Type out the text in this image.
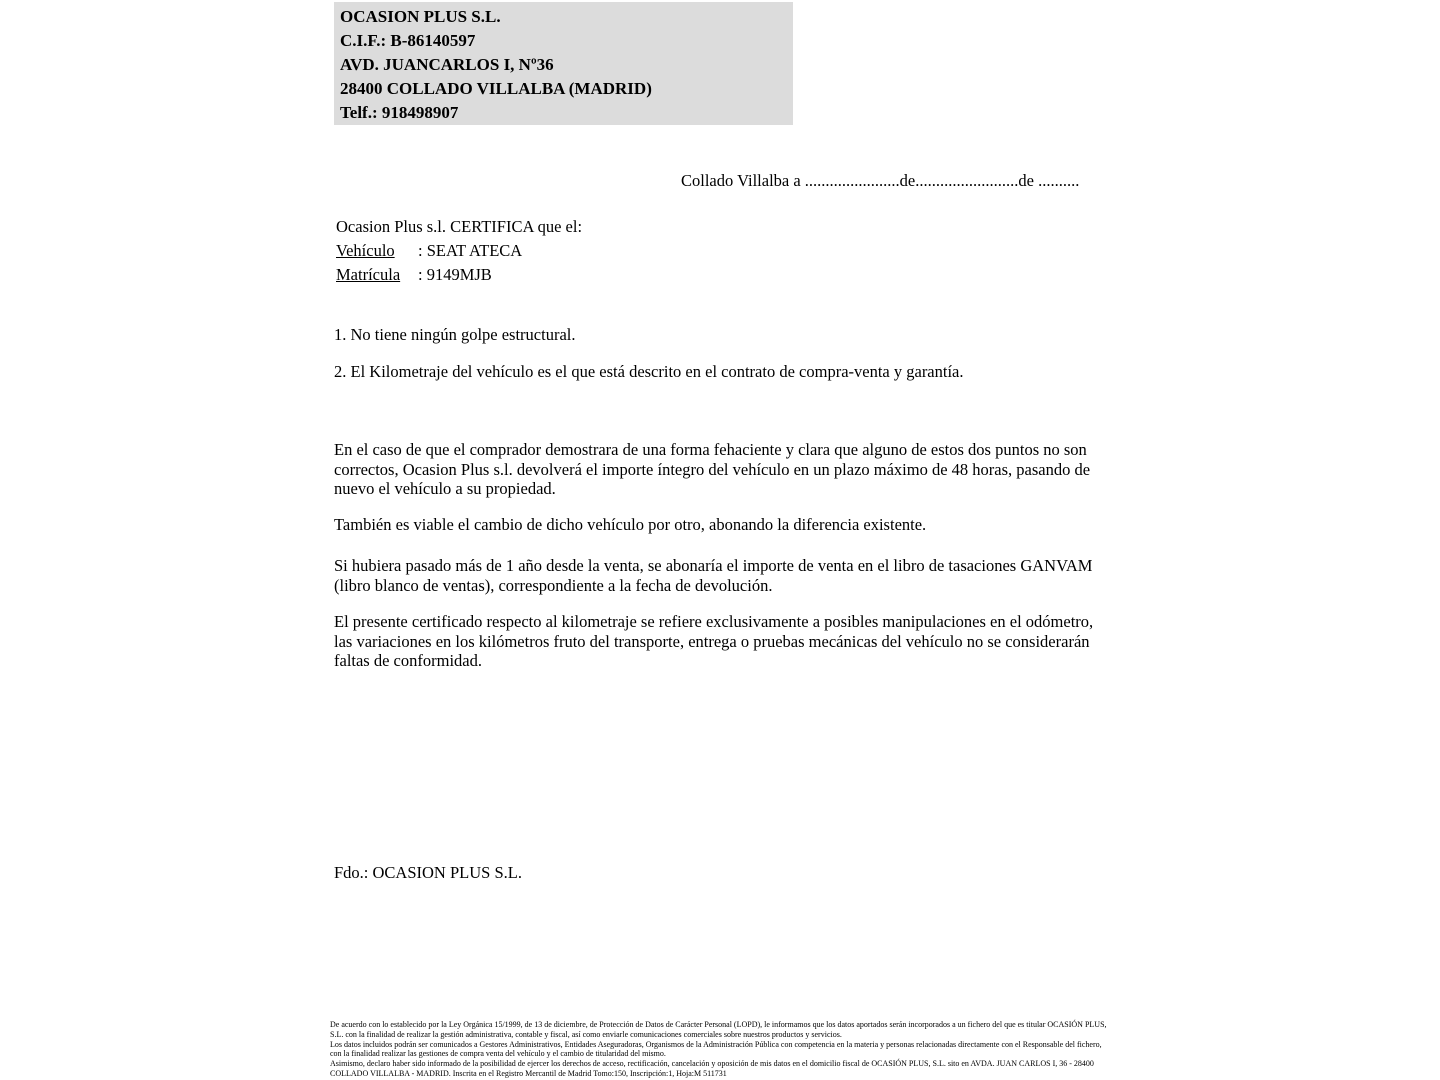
OCASION PLUS S.L.
C.I.F.: B-86140597
AVD. JUANCARLOS I, Nº36
28400 COLLADO VILLALBA (MADRID)
Telf.: 918498907
Collado Villalba a .......................de.........................de ..........
Ocasion Plus s.l. CERTIFICA que el:
Vehículo : SEAT ATECA
Matrícula : 9149MJB
1. No tiene ningún golpe estructural.
2. El Kilometraje del vehículo es el que está descrito en el contrato de compra-venta y garantía.
En el caso de que el comprador demostrara de una forma fehaciente y clara que alguno de estos dos puntos no son correctos, Ocasion Plus s.l. devolverá el importe íntegro del vehículo en un plazo máximo de 48 horas, pasando de nuevo el vehículo a su propiedad.
También es viable el cambio de dicho vehículo por otro, abonando la diferencia existente.
Si hubiera pasado más de 1 año desde la venta, se abonaría el importe de venta en el libro de tasaciones GANVAM (libro blanco de ventas), correspondiente a la fecha de devolución.
El presente certificado respecto al kilometraje se refiere exclusivamente a posibles manipulaciones en el odómetro, las variaciones en los kilómetros fruto del transporte, entrega o pruebas mecánicas del vehículo no se considerarán faltas de conformidad.
Fdo.: OCASION PLUS S.L.
De acuerdo con lo establecido por la Ley Orgánica 15/1999, de 13 de diciembre, de Protección de Datos de Carácter Personal (LOPD), le informamos que los datos aportados serán incorporados a un fichero del que es titular OCASIÓN PLUS, S.L. con la finalidad de realizar la gestión administrativa, contable y fiscal, así como enviarle comunicaciones comerciales sobre nuestros productos y servicios.
Los datos incluidos podrán ser comunicados a Gestores Administrativos, Entidades Aseguradoras, Organismos de la Administración Pública con competencia en la materia y personas relacionadas directamente con el Responsable del fichero, con la finalidad realizar las gestiones de compra venta del vehículo y el cambio de titularidad del mismo.
Asimismo, declaro haber sido informado de la posibilidad de ejercer los derechos de acceso, rectificación, cancelación y oposición de mis datos en el domicilio fiscal de OCASIÓN PLUS, S.L. sito en AVDA. JUAN CARLOS I, 36 - 28400 COLLADO VILLALBA - MADRID. Inscrita en el Registro Mercantil de Madrid Tomo:150, Inscripción:1, Hoja:M 511731
